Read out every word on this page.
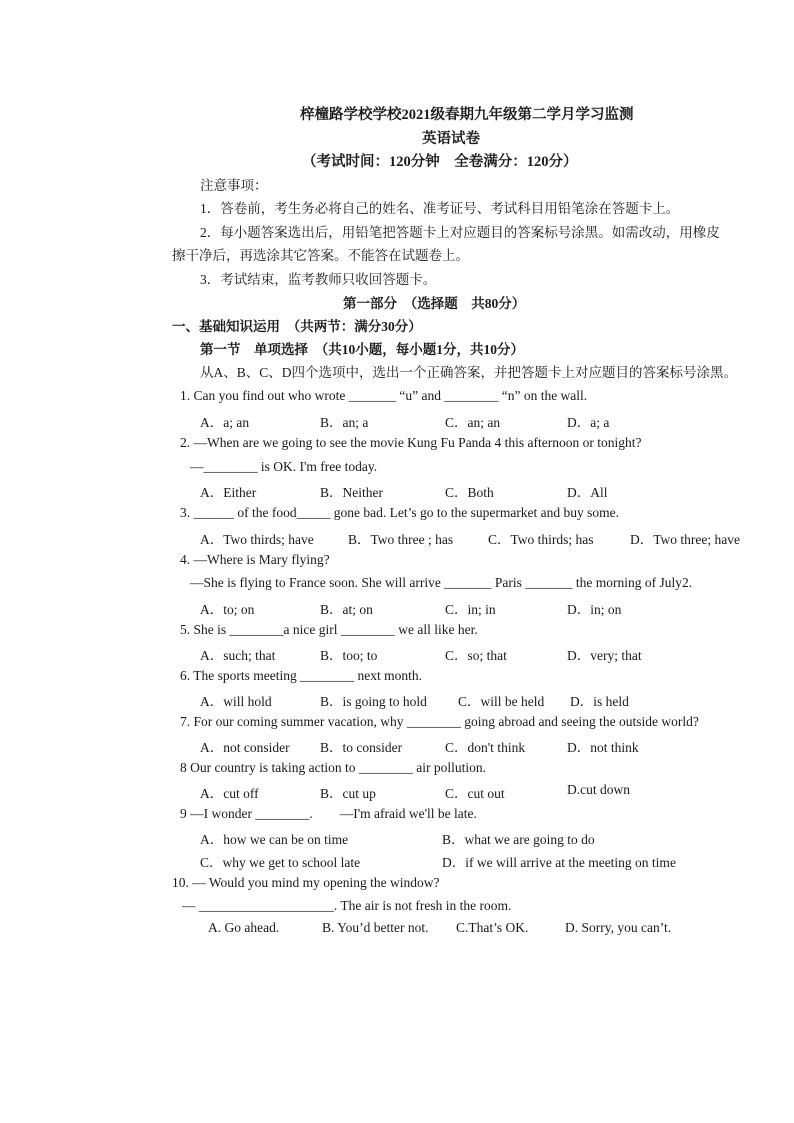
梓橦路学校学校2021级春期九年级第二学月学习监测
英语试卷
（考试时间：120分钟　全卷满分：120分）
注意事项：
1．答卷前，考生务必将自己的姓名、准考证号、考试科目用铅笔涂在答题卡上。
2．每小题答案选出后，用铅笔把答题卡上对应题目的答案标号涂黑。如需改动，用橡皮
擦干净后，再选涂其它答案。不能答在试题卷上。
3．考试结束，监考教师只收回答题卡。
第一部分　（选择题　共80分）
一、基础知识运用　（共两节：满分30分）
第一节　单项选择　（共10小题，每小题1分，共10分）
从A、B、C、D四个选项中，选出一个正确答案，并把答题卡上对应题目的答案标号涂黑。
1. Can you find out who wrote _______ “u” and ________ “n” on the wall.
A．a; an	B．an; a	C．an; an	D．a; a
2. —When are we going to see the movie Kung Fu Panda 4 this afternoon or tonight?
—________ is OK. I'm free today.
A．Either	B．Neither	C．Both	D．All
3. ______ of the food_____ gone bad. Let’s go to the supermarket and buy some.
A．Two thirds; have	B．Two three ; has	C．Two thirds; has	D．Two three; have
4. —Where is Mary flying?
—She is flying to France soon. She will arrive _______ Paris _______ the morning of July2.
A．to; on	B．at; on	C．in; in	D．in; on
5. She is ________a nice girl ________ we all like her.
A．such; that	B．too; to	C．so; that	D．very; that
6. The sports meeting ________ next month.
A．will hold	B．is going to hold C．will be held D．is held
7. For our coming summer vacation, why ________ going abroad and seeing the outside world?
A．not consider B．to consider	C．don't think	D．not think
8 Our country is taking action to ________ air pollution.
A．cut off	B．cut up	C．cut out	D.cut down
9 —I wonder ________.　　—I'm afraid we'll be late.
A．how we can be on time	B．what we are going to do
C．why we get to school late	D．if we will arrive at the meeting on time
10. — Would you mind my opening the window?
— ____________________. The air is not fresh in the room.
A. Go ahead.	B. You’d better not. C.That’s OK.	D. Sorry, you can’t.
